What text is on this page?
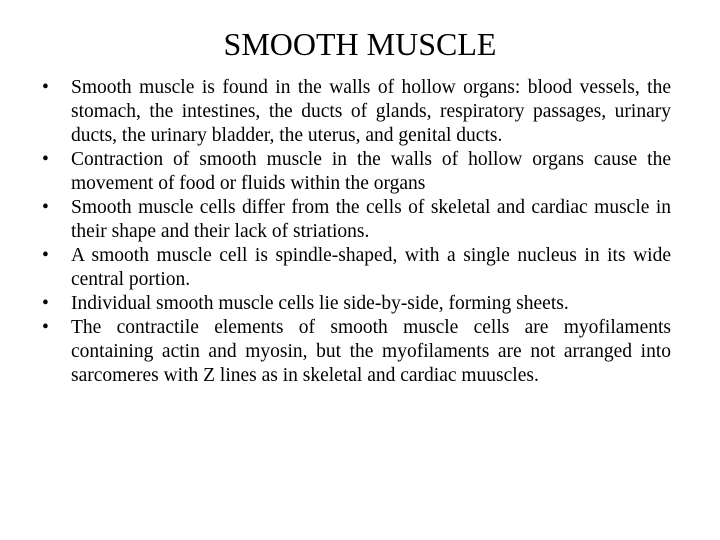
SMOOTH MUSCLE
• Smooth muscle is found in the walls of hollow organs: blood vessels, the stomach, the intestines, the ducts of glands, respiratory passages, urinary ducts, the urinary bladder, the uterus, and genital ducts.
• Contraction of smooth muscle in the walls of hollow organs cause the movement of food or fluids within the organs
• Smooth muscle cells differ from the cells of skeletal and cardiac muscle in their shape and their lack of striations.
• A smooth muscle cell is spindle-shaped, with a single nucleus in its wide central portion.
• Individual smooth muscle cells lie side-by-side, forming sheets.
• The contractile elements of smooth muscle cells are myofilaments containing actin and myosin, but the myofilaments are not arranged into sarcomeres with Z lines as in skeletal and cardiac muuscles.
